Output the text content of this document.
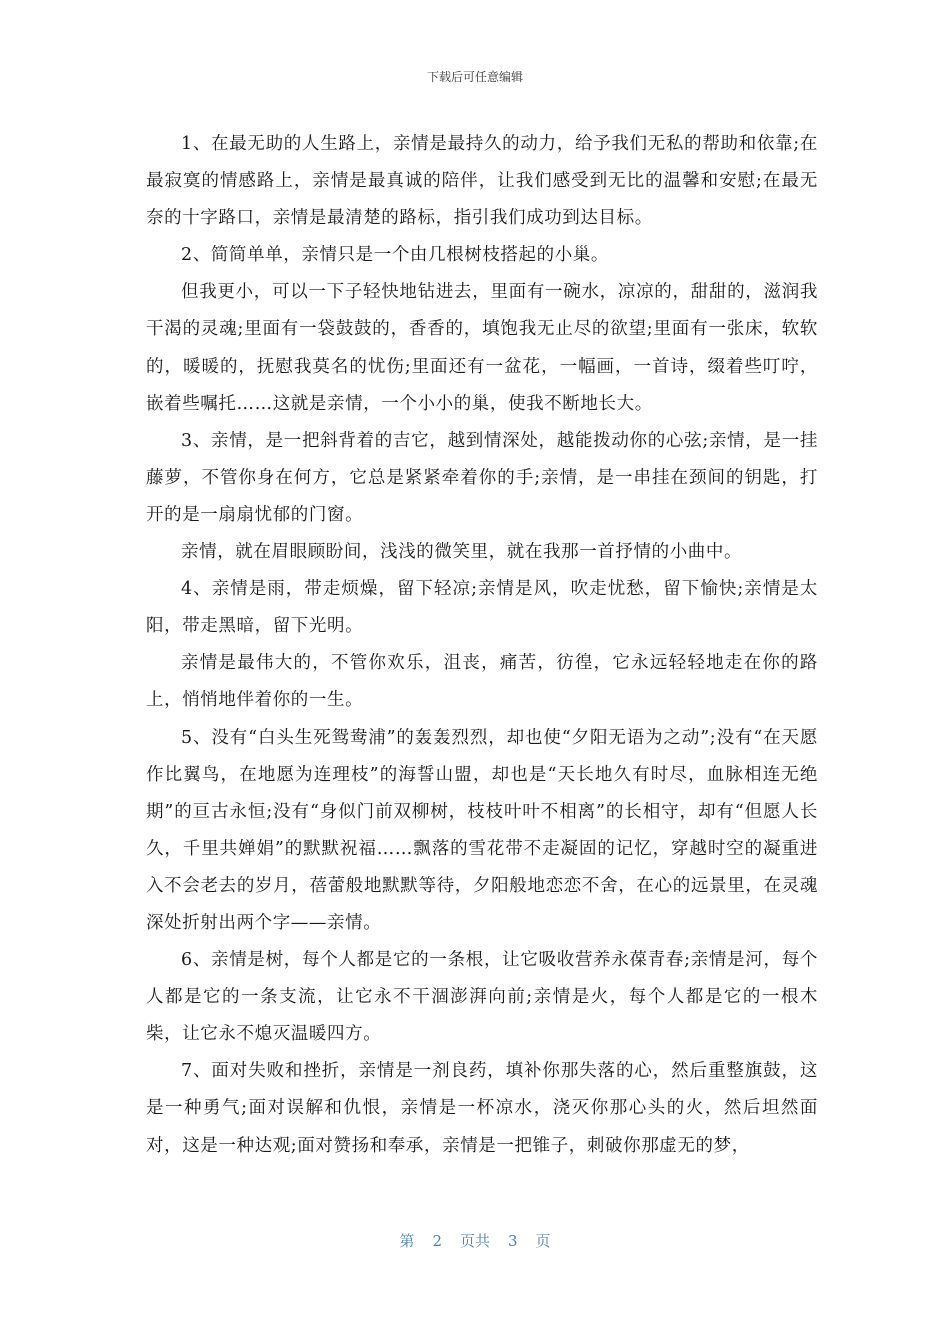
下载后可任意编辑

1、在最无助的人生路上，亲情是最持久的动力，给予我们无私的帮助和依靠;在最寂寞的情感路上，亲情是最真诚的陪伴，让我们感受到无比的温馨和安慰;在最无奈的十字路口，亲情是最清楚的路标，指引我们成功到达目标。

2、简简单单，亲情只是一个由几根树枝搭起的小巢。

但我更小，可以一下子轻快地钻进去，里面有一碗水，凉凉的，甜甜的，滋润我干渴的灵魂;里面有一袋鼓鼓的，香香的，填饱我无止尽的欲望;里面有一张床，软软的，暖暖的，抚慰我莫名的忧伤;里面还有一盆花，一幅画，一首诗，缀着些叮咛，嵌着些嘱托……这就是亲情，一个小小的巢，使我不断地长大。

3、亲情，是一把斜背着的吉它，越到情深处，越能拨动你的心弦;亲情，是一挂藤萝，不管你身在何方，它总是紧紧牵着你的手;亲情，是一串挂在颈间的钥匙，打开的是一扇扇忧郁的门窗。

亲情，就在眉眼顾盼间，浅浅的微笑里，就在我那一首抒情的小曲中。

4、亲情是雨，带走烦燥，留下轻凉;亲情是风，吹走忧愁，留下愉快;亲情是太阳，带走黑暗，留下光明。

亲情是最伟大的，不管你欢乐，沮丧，痛苦，彷徨，它永远轻轻地走在你的路上，悄悄地伴着你的一生。

5、没有“白头生死鸳鸯浦”的轰轰烈烈，却也使“夕阳无语为之动”;没有“在天愿作比翼鸟，在地愿为连理枝”的海誓山盟，却也是“天长地久有时尽，血脉相连无绝期”的亘古永恒;没有“身似门前双柳树，枝枝叶叶不相离”的长相守，却有“但愿人长久，千里共婵娟”的默默祝福……飘落的雪花带不走凝固的记忆，穿越时空的凝重进入不会老去的岁月，蓓蕾般地默默等待，夕阳般地恋恋不舍，在心的远景里，在灵魂深处折射出两个字——亲情。

6、亲情是树，每个人都是它的一条根，让它吸收营养永葆青春;亲情是河，每个人都是它的一条支流，让它永不干涸澎湃向前;亲情是火，每个人都是它的一根木柴，让它永不熄灭温暖四方。

7、面对失败和挫折，亲情是一剂良药，填补你那失落的心，然后重整旗鼓，这是一种勇气;面对误解和仇恨，亲情是一杯凉水，浇灭你那心头的火，然后坦然面对，这是一种达观;面对赞扬和奉承，亲情是一把锥子，刺破你那虚无的梦，

第 2 页共 3 页
